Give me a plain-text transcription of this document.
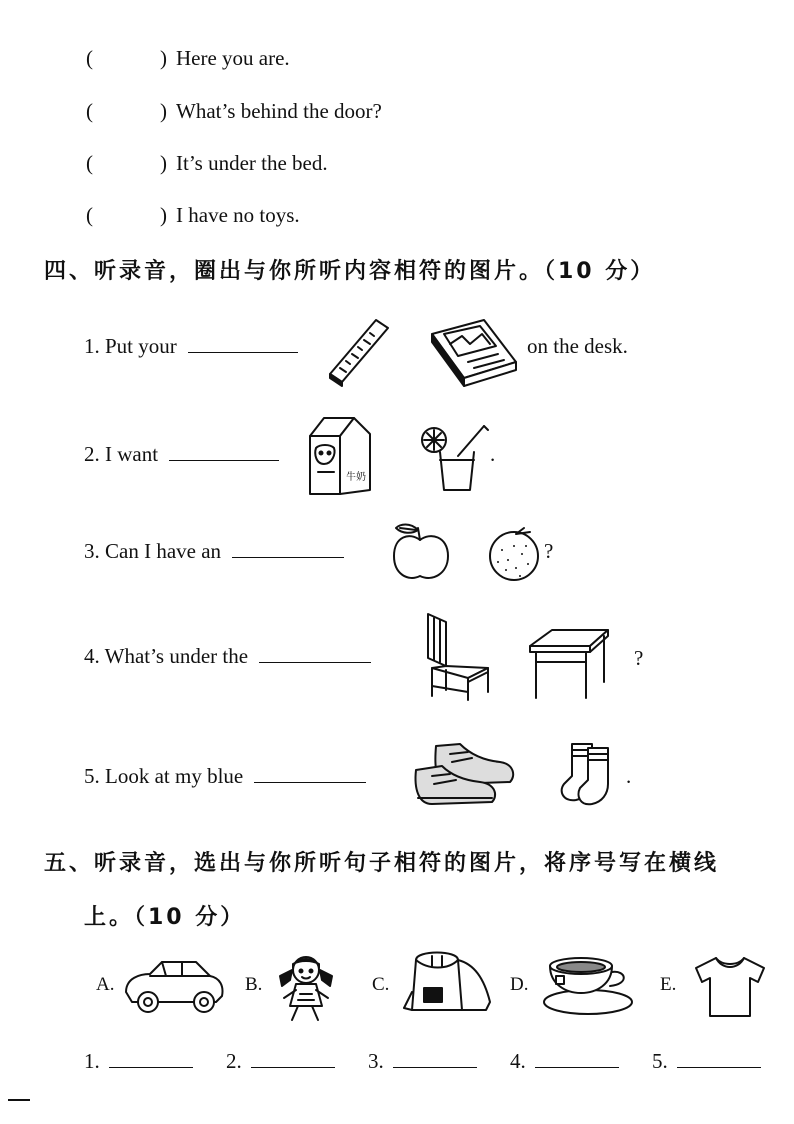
(	) Here you are.
(	) What’s behind the door?
(	) It’s under the bed.
(	) I have no toys.
四、听录音，圈出与你所听内容相符的图片。（10 分）
1. Put your	on the desk.
2. I want
牛奶
.
3. Can I have an	?
4. What’s under the	?
5. Look at my blue	.
五、听录音，选出与你所听句子相符的图片，将序号写在横线
上。（10 分）
A.	B.	C.	D.	E.
1.	2.	3.	4.	5.
